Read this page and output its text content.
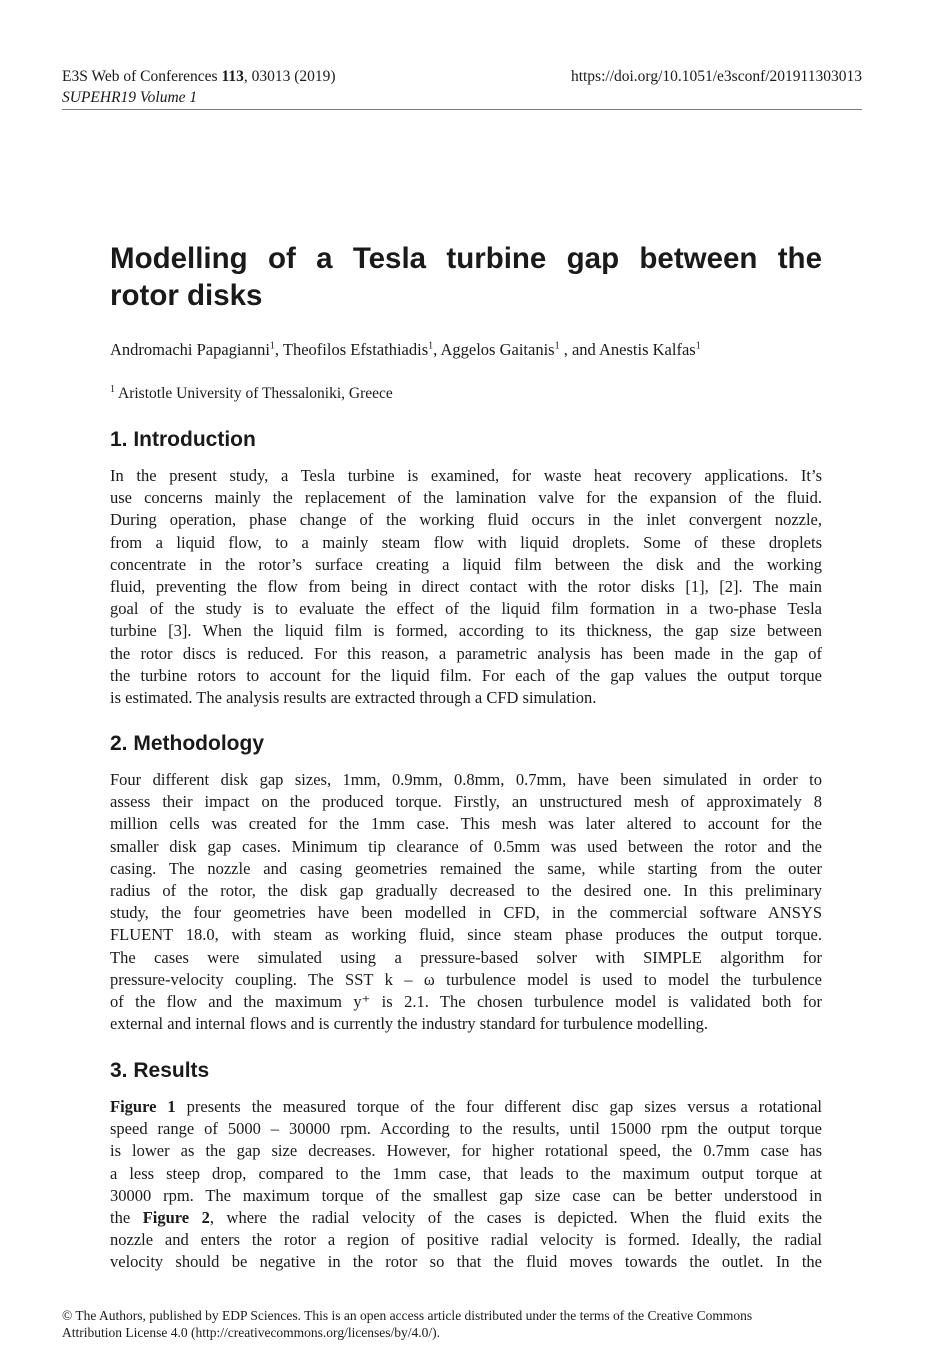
E3S Web of Conferences 113, 03013 (2019)	https://doi.org/10.1051/e3sconf/201911303013
SUPEHR19 Volume 1
Modelling of a Tesla turbine gap between the
rotor disks
Andromachi Papagianni$^1$, Theofilos Efstathiadis$^1$, Aggelos Gaitanis$^1$ , and Anestis Kalfas$^1$
$^1$ Aristotle University of Thessaloniki, Greece
1. Introduction
In the present study, a Tesla turbine is examined, for waste heat recovery applications. It’s
use concerns mainly the replacement of the lamination valve for the expansion of the fluid.
During operation, phase change of the working fluid occurs in the inlet convergent nozzle,
from a liquid flow, to a mainly steam flow with liquid droplets. Some of these droplets
concentrate in the rotor’s surface creating a liquid film between the disk and the working
fluid, preventing the flow from being in direct contact with the rotor disks [1], [2]. The main
goal of the study is to evaluate the effect of the liquid film formation in a two-phase Tesla
turbine [3]. When the liquid film is formed, according to its thickness, the gap size between
the rotor discs is reduced. For this reason, a parametric analysis has been made in the gap of
the turbine rotors to account for the liquid film. For each of the gap values the output torque
is estimated. The analysis results are extracted through a CFD simulation.
2. Methodology
Four different disk gap sizes, 1mm, 0.9mm, 0.8mm, 0.7mm, have been simulated in order to
assess their impact on the produced torque. Firstly, an unstructured mesh of approximately 8
million cells was created for the 1mm case. This mesh was later altered to account for the
smaller disk gap cases. Minimum tip clearance of 0.5mm was used between the rotor and the
casing. The nozzle and casing geometries remained the same, while starting from the outer
radius of the rotor, the disk gap gradually decreased to the desired one. In this preliminary
study, the four geometries have been modelled in CFD, in the commercial software ANSYS
FLUENT 18.0, with steam as working fluid, since steam phase produces the output torque.
The cases were simulated using a pressure-based solver with SIMPLE algorithm for
pressure-velocity coupling. The SST k – ω turbulence model is used to model the turbulence
of the flow and the maximum y⁺ is 2.1. The chosen turbulence model is validated both for
external and internal flows and is currently the industry standard for turbulence modelling.
3. Results
Figure 1 presents the measured torque of the four different disc gap sizes versus a rotational
speed range of 5000 – 30000 rpm. According to the results, until 15000 rpm the output torque
is lower as the gap size decreases. However, for higher rotational speed, the 0.7mm case has
a less steep drop, compared to the 1mm case, that leads to the maximum output torque at
30000 rpm. The maximum torque of the smallest gap size case can be better understood in
the Figure 2, where the radial velocity of the cases is depicted. When the fluid exits the
nozzle and enters the rotor a region of positive radial velocity is formed. Ideally, the radial
velocity should be negative in the rotor so that the fluid moves towards the outlet. In the
© The Authors, published by EDP Sciences. This is an open access article distributed under the terms of the Creative Commons
Attribution License 4.0 (http://creativecommons.org/licenses/by/4.0/).
